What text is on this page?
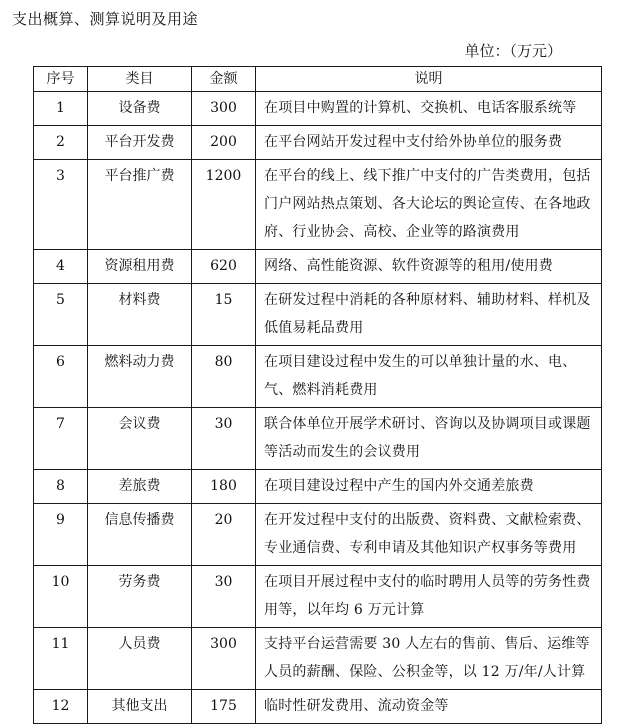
支出概算、测算说明及用途
单位：（万元）
序号	类目	金额	说明
1	设备费	300	在项目中购置的计算机、交换机、电话客服系统等
2	平台开发费	200	在平台网站开发过程中支付给外协单位的服务费
3	平台推广费	1200	在平台的线上、线下推广中支付的广告类费用，包括门户网站热点策划、各大论坛的舆论宣传、在各地政府、行业协会、高校、企业等的路演费用
4	资源租用费	620	网络、高性能资源、软件资源等的租用/使用费
5	材料费	15	在研发过程中消耗的各种原材料、辅助材料、样机及低值易耗品费用
6	燃料动力费	80	在项目建设过程中发生的可以单独计量的水、电、气、燃料消耗费用
7	会议费	30	联合体单位开展学术研讨、咨询以及协调项目或课题等活动而发生的会议费用
8	差旅费	180	在项目建设过程中产生的国内外交通差旅费
9	信息传播费	20	在开发过程中支付的出版费、资料费、文献检索费、专业通信费、专利申请及其他知识产权事务等费用
10	劳务费	30	在项目开展过程中支付的临时聘用人员等的劳务性费用等，以年均 6 万元计算
11	人员费	300	支持平台运营需要 30 人左右的售前、售后、运维等人员的薪酬、保险、公积金等，以 12 万/年/人计算
12	其他支出	175	临时性研发费用、流动资金等
